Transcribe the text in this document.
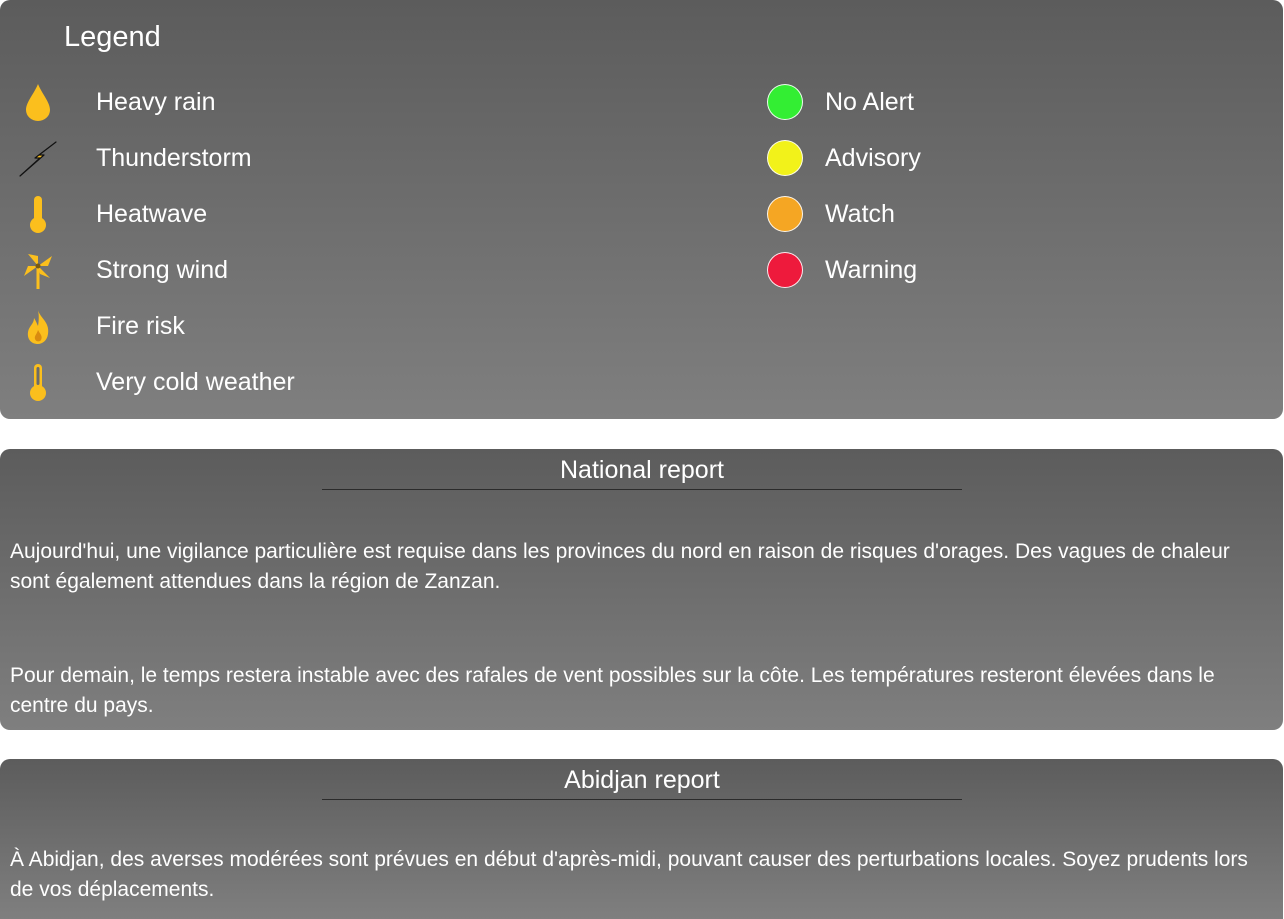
Legend
Heavy rain
Thunderstorm
Heatwave
Strong wind
Fire risk
Very cold weather
No Alert
Advisory
Watch
Warning
National report

Aujourd'hui, une vigilance particulière est requise dans les provinces du nord en raison de risques d'orages. Des vagues de chaleur sont également attendues dans la région de Zanzan.

Pour demain, le temps restera instable avec des rafales de vent possibles sur la côte. Les températures resteront élevées dans le centre du pays.

Abidjan report

À Abidjan, des averses modérées sont prévues en début d'après-midi, pouvant causer des perturbations locales. Soyez prudents lors de vos déplacements.
